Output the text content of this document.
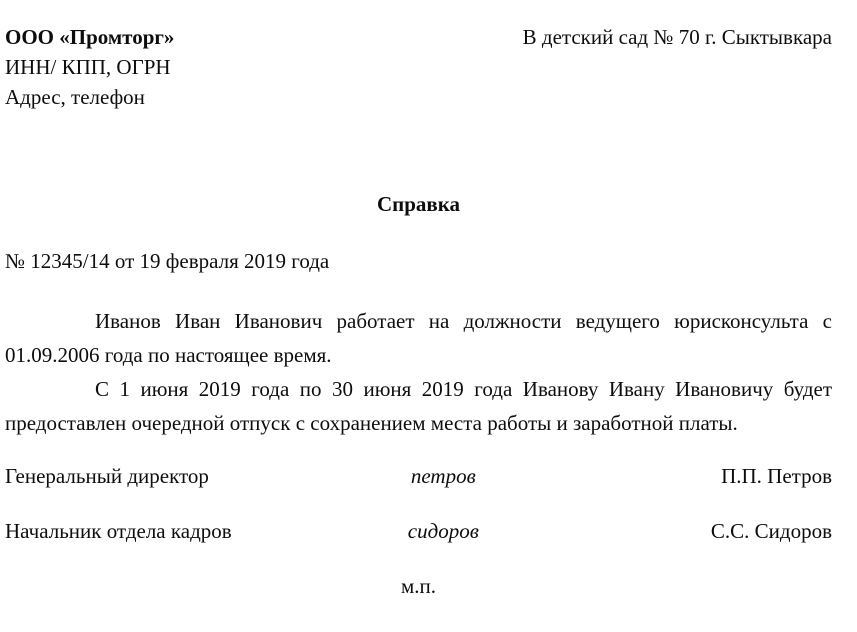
ООО «Промторг»
ИНН/ КПП, ОГРН
Адрес, телефон
В детский сад № 70 г. Сыктывкара
Справка
№ 12345/14 от 19 февраля 2019 года

Иванов Иван Иванович работает на должности ведущего юрисконсульта с 01.09.2006 года по настоящее время.

С 1 июня 2019 года по 30 июня 2019 года Иванову Ивану Ивановичу будет предоставлен очередной отпуск с сохранением места работы и заработной платы.

Генеральный директор	петров	П.П. Петров
Начальник отдела кадров	сидоров	С.С. Сидоров
м.п.
